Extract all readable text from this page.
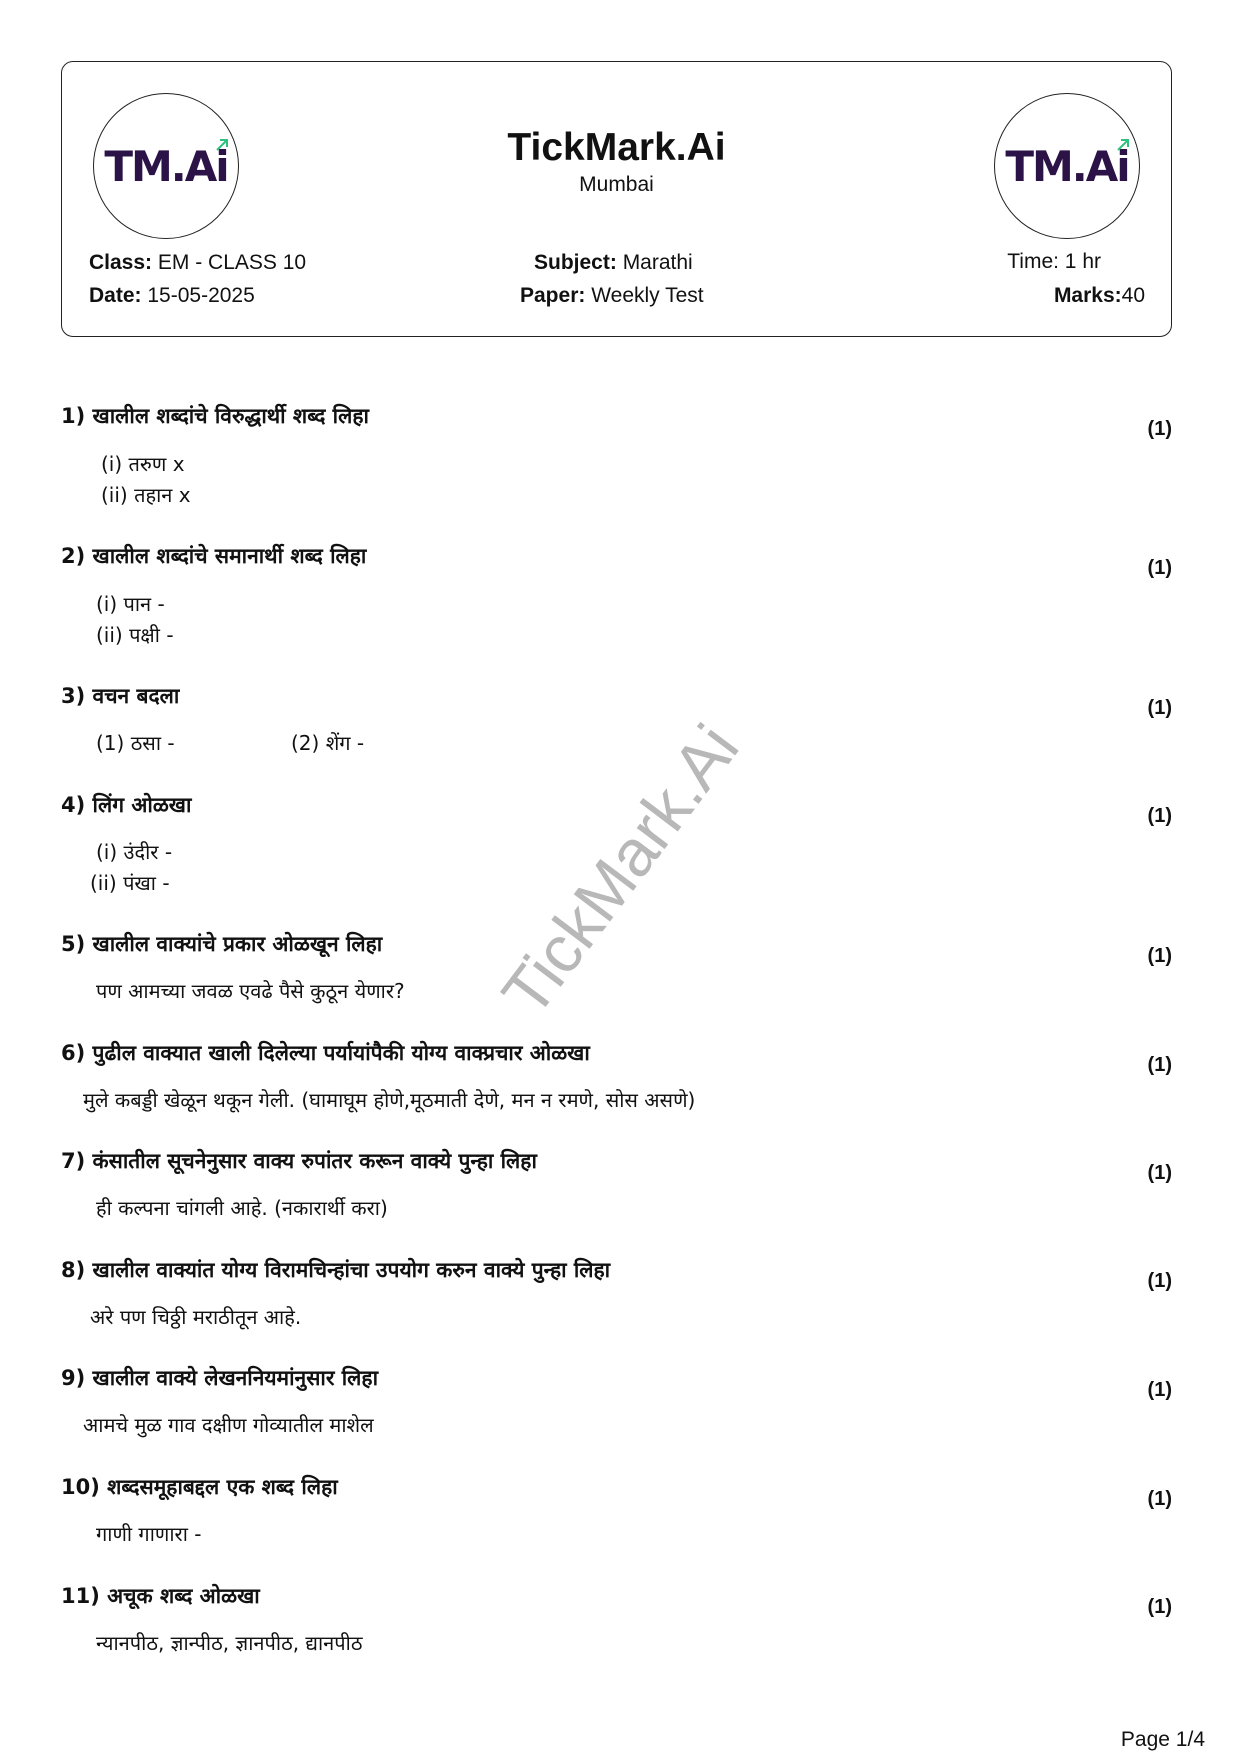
TM.Ai	TickMark.Ai
Mumbai	TM.Ai
Class: EM - CLASS 10
Date: 15-05-2025
Subject: Marathi
Paper: Weekly Test
Time: 1 hr
Marks:40
TickMark.Ai
1) खालील शब्दांचे विरुद्धार्थी शब्द लिहा
(1)
(i) तरुण x
(ii) तहान x
2) खालील शब्दांचे समानार्थी शब्द लिहा	(1)
(i) पान -
(ii) पक्षी -
3) वचन बदला	(1)
(1) ठसा -	(2) शेंग -
4) लिंग ओळखा	(1)
(i) उंदीर -
(ii) पंखा -
5) खालील वाक्यांचे प्रकार ओळखून लिहा	(1)
पण आमच्या जवळ एवढे पैसे कुठून येणार?
6) पुढील वाक्यात खाली दिलेल्या पर्यायांपैकी योग्य वाक्प्रचार ओळखा	(1)
मुले कबड्डी खेळून थकून गेली. (घामाघूम होणे,मूठमाती देणे, मन न रमणे, सोस असणे)
7) कंसातील सूचनेनुसार वाक्य रुपांतर करून वाक्ये पुन्हा लिहा	(1)
ही कल्पना चांगली आहे. (नकारार्थी करा)
8) खालील वाक्यांत योग्य विरामचिन्हांचा उपयोग करुन वाक्ये पुन्हा लिहा	(1)
अरे पण चिठ्ठी मराठीतून आहे.
9) खालील वाक्ये लेखननियमांनुसार लिहा	(1)
आमचे मुळ गाव दक्षीण गोव्यातील माशेल
10) शब्दसमूहाबद्दल एक शब्द लिहा	(1)
गाणी गाणारा -
11) अचूक शब्द ओळखा	(1)
न्यानपीठ, ज्ञान्पीठ, ज्ञानपीठ, द्यानपीठ
Page 1/4
